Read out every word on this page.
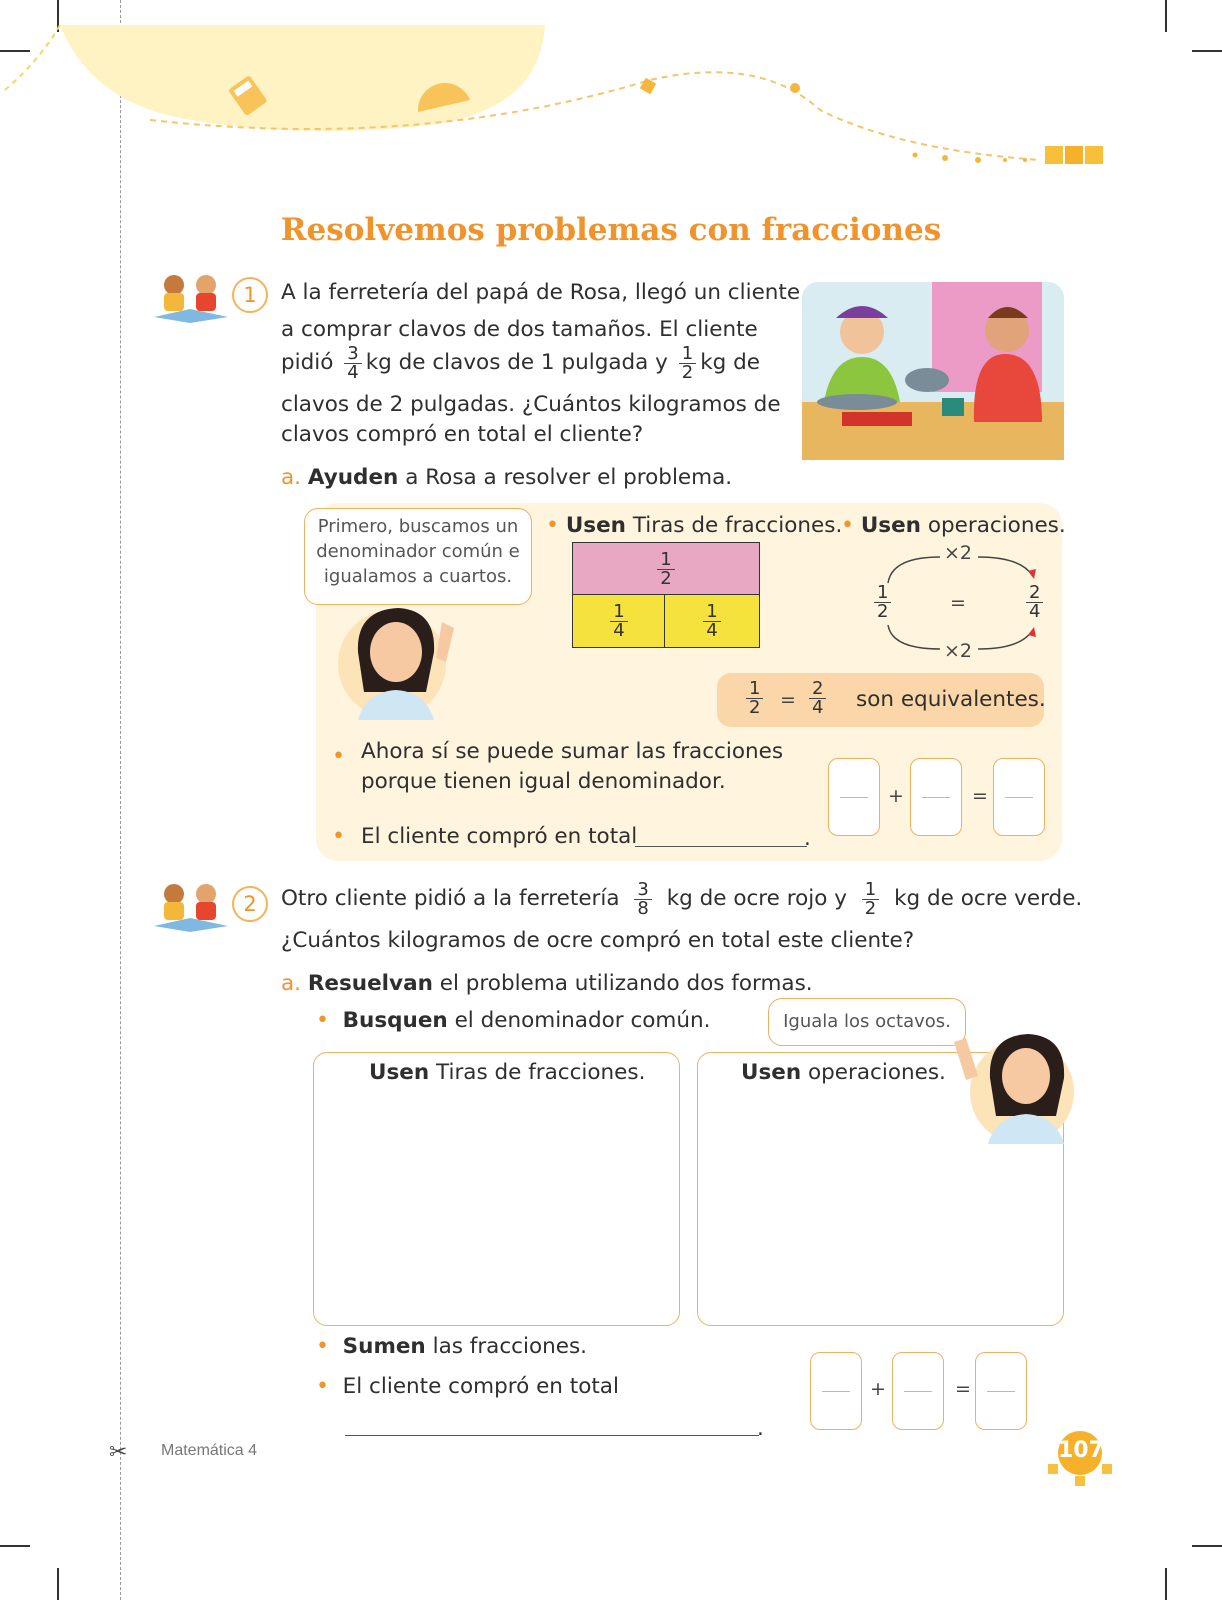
Resolvemos problemas con fracciones
1	A la ferretería del papá de Rosa, llegó un cliente
a comprar clavos de dos tamaños. El cliente
pidió $\frac{3}{4}$ kg de clavos de 1 pulgada y $\frac{1}{2}$ kg de
clavos de 2 pulgadas. ¿Cuántos kilogramos de
clavos compró en total el cliente?
a. Ayuden a Rosa a resolver el problema.
Primero, buscamos un
denominador común e
igualamos a cuartos.
• Usen Tiras de fracciones.
• Usen operaciones.
$\frac{1}{2}$
$\frac{1}{4}$	$\frac{1}{4}$
×2
×2
$\frac{1}{2}$	=	$\frac{2}{4}$
$\frac{1}{2} = \frac{2}{4}$ son equivalentes.
• Ahora sí se puede sumar las fracciones
porque tienen igual denominador.
• El cliente compró en total	.
+	=
2	Otro cliente pidió a la ferretería $\frac{3}{8}$ kg de ocre rojo y $\frac{1}{2}$ kg de ocre verde.
¿Cuántos kilogramos de ocre compró en total este cliente?
a. Resuelvan el problema utilizando dos formas.
• Busquen el denominador común.	Iguala los octavos.
Usen Tiras de fracciones.	Usen operaciones.
• Sumen las fracciones.
• El cliente compró en total
.
+	=
✂ Matemática 4	107
